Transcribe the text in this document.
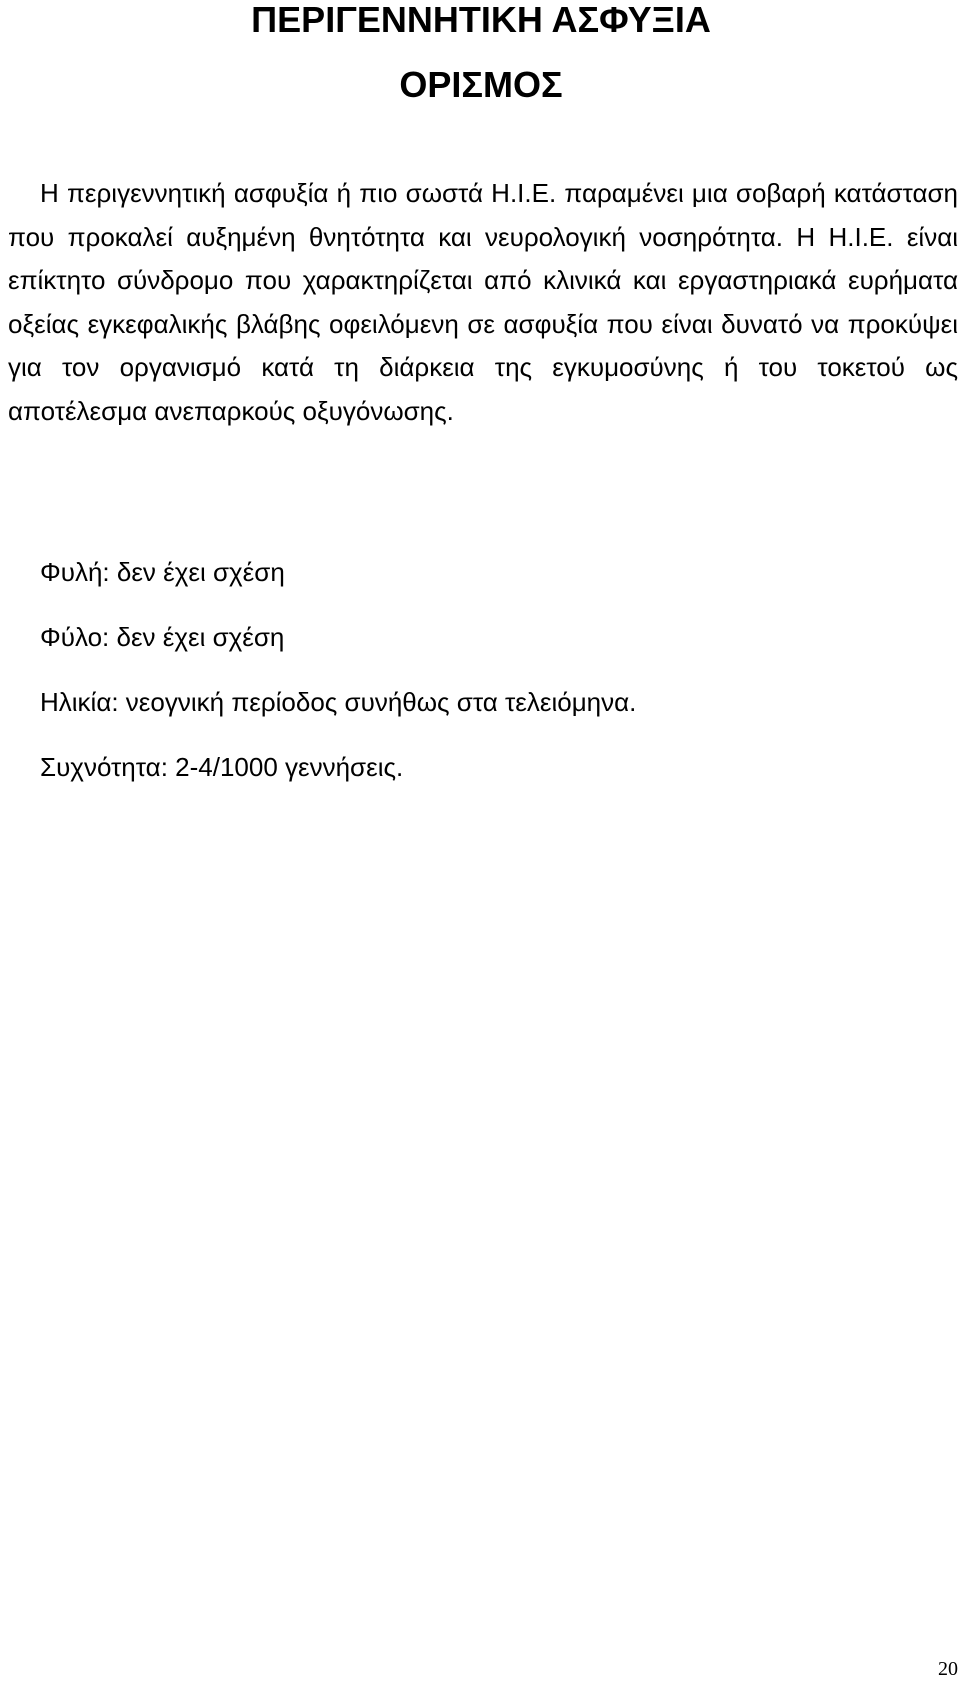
ΠΕΡΙΓΕΝΝΗΤΙΚΗ ΑΣΦΥΞΙΑ
ΟΡΙΣΜΟΣ

Η περιγεννητική ασφυξία ή πιο σωστά Η.Ι.Ε. παραμένει μια σοβαρή κατάσταση που προκαλεί αυξημένη θνητότητα και νευρολογική νοσηρότητα. Η Η.Ι.Ε. είναι επίκτητο σύνδρομο που χαρακτηρίζεται από κλινικά και εργαστηριακά ευρήματα οξείας εγκεφαλικής βλάβης οφειλόμενη σε ασφυξία που είναι δυνατό να προκύψει για τον οργανισμό κατά τη διάρκεια της εγκυμοσύνης ή του τοκετού ως αποτέλεσμα ανεπαρκούς οξυγόνωσης.

Φυλή: δεν έχει σχέση

Φύλο: δεν έχει σχέση

Ηλικία: νεογνική περίοδος συνήθως στα τελειόμηνα.

Συχνότητα: 2-4/1000 γεννήσεις.

20
